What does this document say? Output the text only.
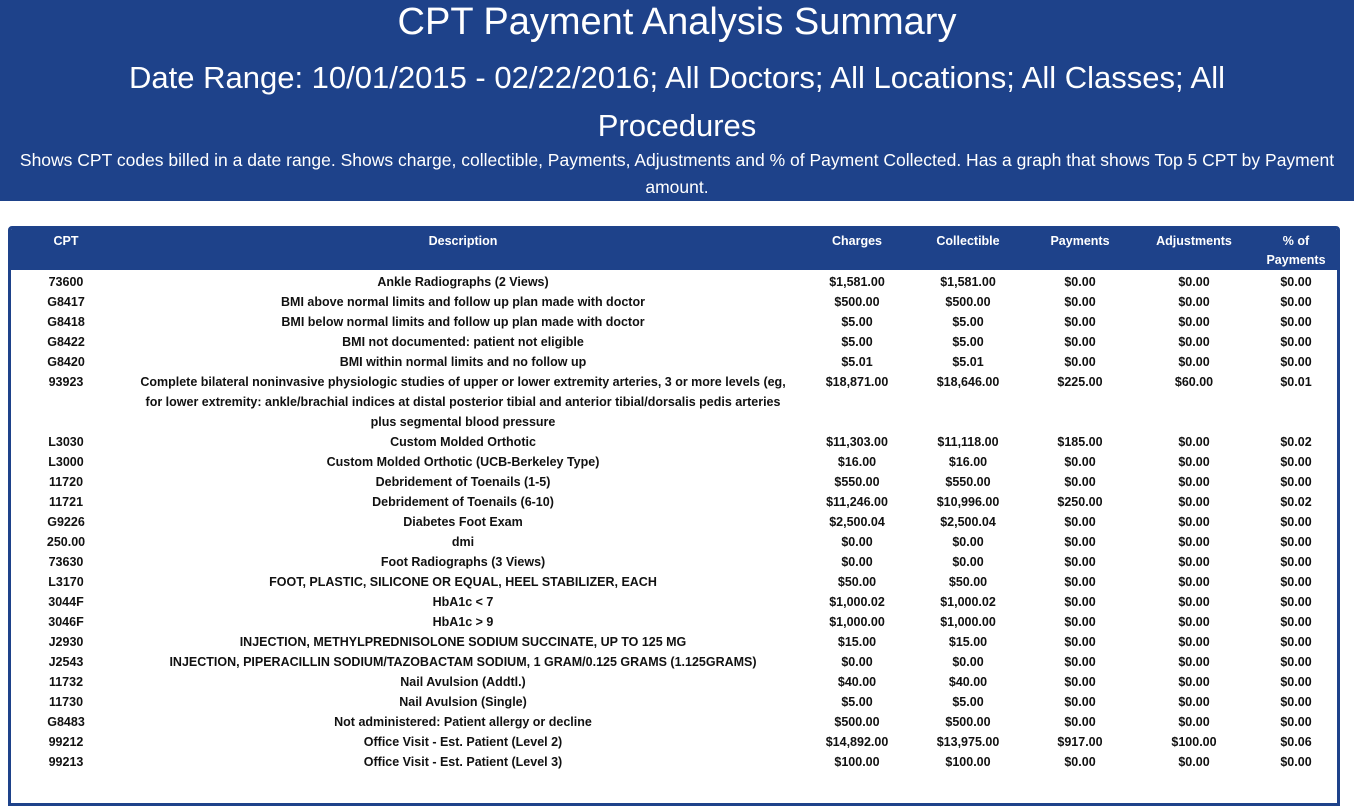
CPT Payment Analysis Summary
Date Range: 10/01/2015 - 02/22/2016; All Doctors; All Locations; All Classes; All Procedures

Shows CPT codes billed in a date range. Shows charge, collectible, Payments, Adjustments and % of Payment Collected. Has a graph that shows Top 5 CPT by Payment amount.

CPT	Description	Charges	Collectible	Payments	Adjustments	% of Payments
73600	Ankle Radiographs (2 Views)	$1,581.00	$1,581.00	$0.00	$0.00	$0.00
G8417	BMI above normal limits and follow up plan made with doctor	$500.00	$500.00	$0.00	$0.00	$0.00
G8418	BMI below normal limits and follow up plan made with doctor	$5.00	$5.00	$0.00	$0.00	$0.00
G8422	BMI not documented: patient not eligible	$5.00	$5.00	$0.00	$0.00	$0.00
G8420	BMI within normal limits and no follow up	$5.01	$5.01	$0.00	$0.00	$0.00
93923	Complete bilateral noninvasive physiologic studies of upper or lower extremity arteries, 3 or more levels (eg, for lower extremity: ankle/brachial indices at distal posterior tibial and anterior tibial/dorsalis pedis arteries plus segmental blood pressure	$18,871.00	$18,646.00	$225.00	$60.00	$0.01
L3030	Custom Molded Orthotic	$11,303.00	$11,118.00	$185.00	$0.00	$0.02
L3000	Custom Molded Orthotic (UCB-Berkeley Type)	$16.00	$16.00	$0.00	$0.00	$0.00
11720	Debridement of Toenails (1-5)	$550.00	$550.00	$0.00	$0.00	$0.00
11721	Debridement of Toenails (6-10)	$11,246.00	$10,996.00	$250.00	$0.00	$0.02
G9226	Diabetes Foot Exam	$2,500.04	$2,500.04	$0.00	$0.00	$0.00
250.00	dmi	$0.00	$0.00	$0.00	$0.00	$0.00
73630	Foot Radiographs (3 Views)	$0.00	$0.00	$0.00	$0.00	$0.00
L3170	FOOT, PLASTIC, SILICONE OR EQUAL, HEEL STABILIZER, EACH	$50.00	$50.00	$0.00	$0.00	$0.00
3044F	HbA1c < 7	$1,000.02	$1,000.02	$0.00	$0.00	$0.00
3046F	HbA1c > 9	$1,000.00	$1,000.00	$0.00	$0.00	$0.00
J2930	INJECTION, METHYLPREDNISOLONE SODIUM SUCCINATE, UP TO 125 MG	$15.00	$15.00	$0.00	$0.00	$0.00
J2543	INJECTION, PIPERACILLIN SODIUM/TAZOBACTAM SODIUM, 1 GRAM/0.125 GRAMS (1.125GRAMS)	$0.00	$0.00	$0.00	$0.00	$0.00
11732	Nail Avulsion (Addtl.)	$40.00	$40.00	$0.00	$0.00	$0.00
11730	Nail Avulsion (Single)	$5.00	$5.00	$0.00	$0.00	$0.00
G8483	Not administered: Patient allergy or decline	$500.00	$500.00	$0.00	$0.00	$0.00
99212	Office Visit - Est. Patient (Level 2)	$14,892.00	$13,975.00	$917.00	$100.00	$0.06
99213	Office Visit - Est. Patient (Level 3)	$100.00	$100.00	$0.00	$0.00	$0.00
